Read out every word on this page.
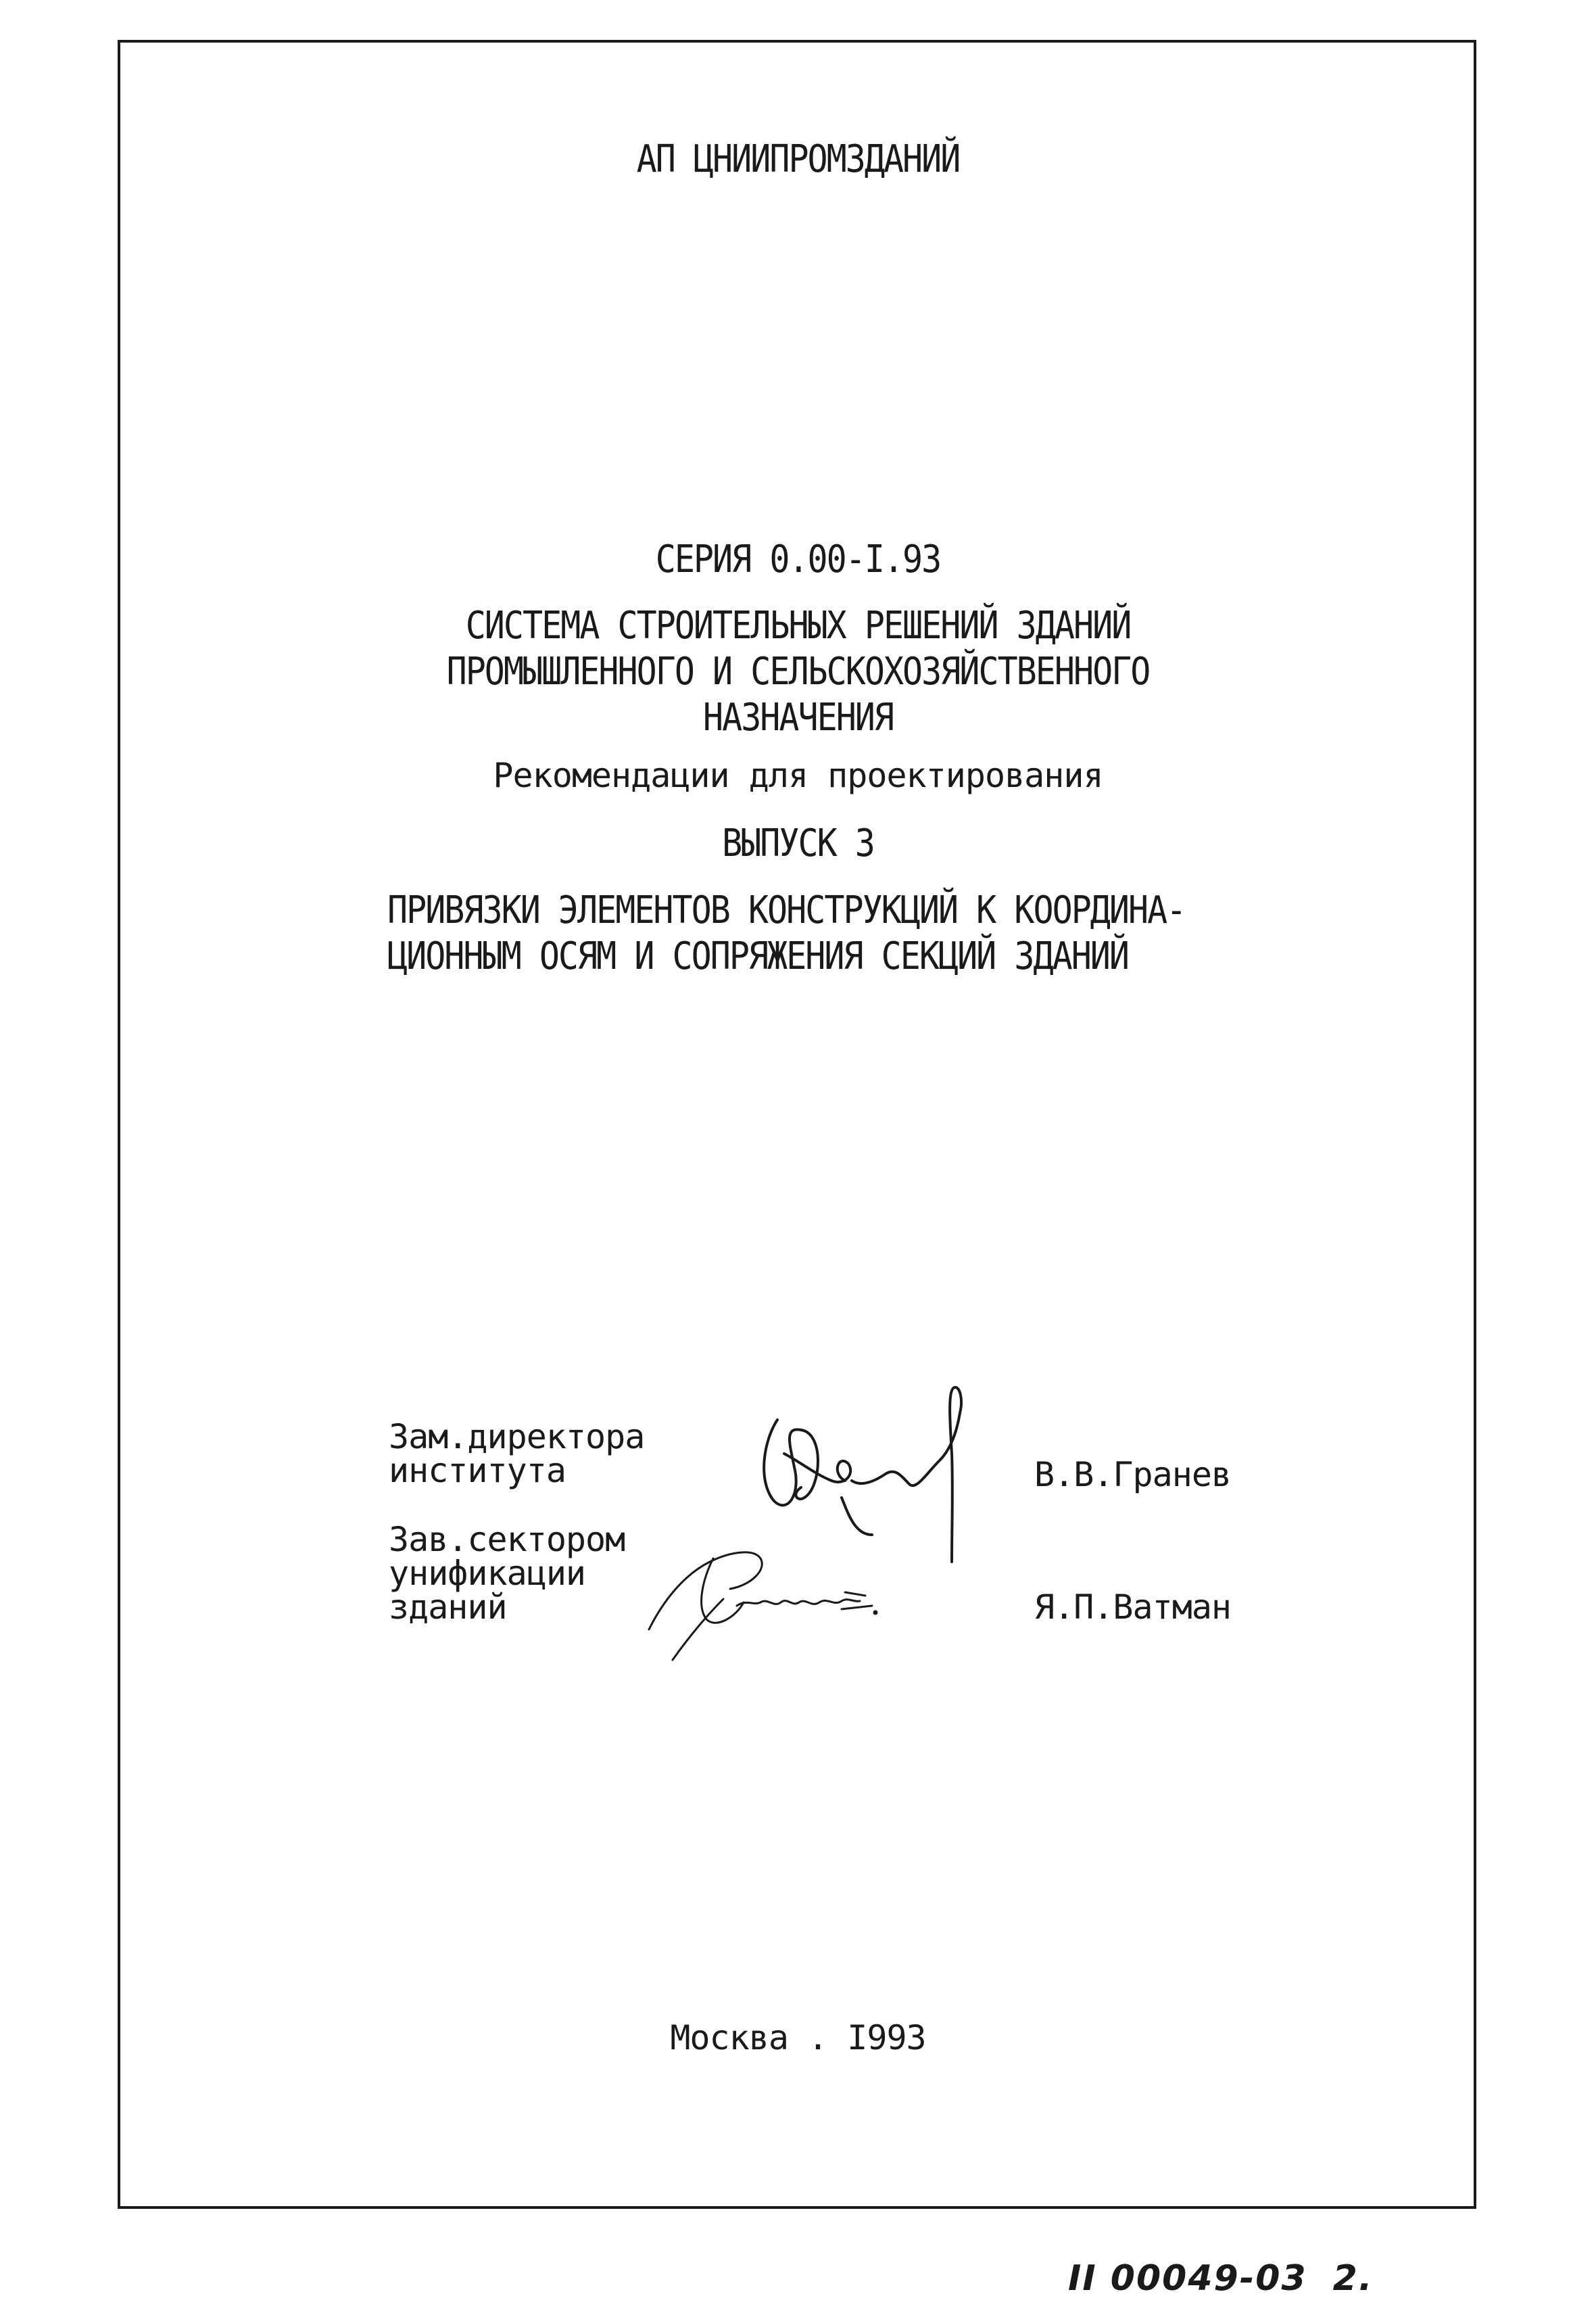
АП ЦНИИПРОМЗДАНИЙ
СЕРИЯ 0.00-I.93
СИСТЕМА СТРОИТЕЛЬНЫХ РЕШЕНИЙ ЗДАНИЙ
ПРОМЫШЛЕННОГО И СЕЛЬСКОХОЗЯЙСТВЕННОГО
НАЗНАЧЕНИЯ
Рекомендации для проектирования
ВЫПУСК 3
ПРИВЯЗКИ ЭЛЕМЕНТОВ КОНСТРУКЦИЙ К КООРДИНА-
ЦИОННЫМ ОСЯМ И СОПРЯЖЕНИЯ СЕКЦИЙ ЗДАНИЙ
Зам.директора
института	В.В.Гранев
Зав.сектором
унификации
зданий	Я.П.Ватман
Москва . I993
II 00049-03 2.
